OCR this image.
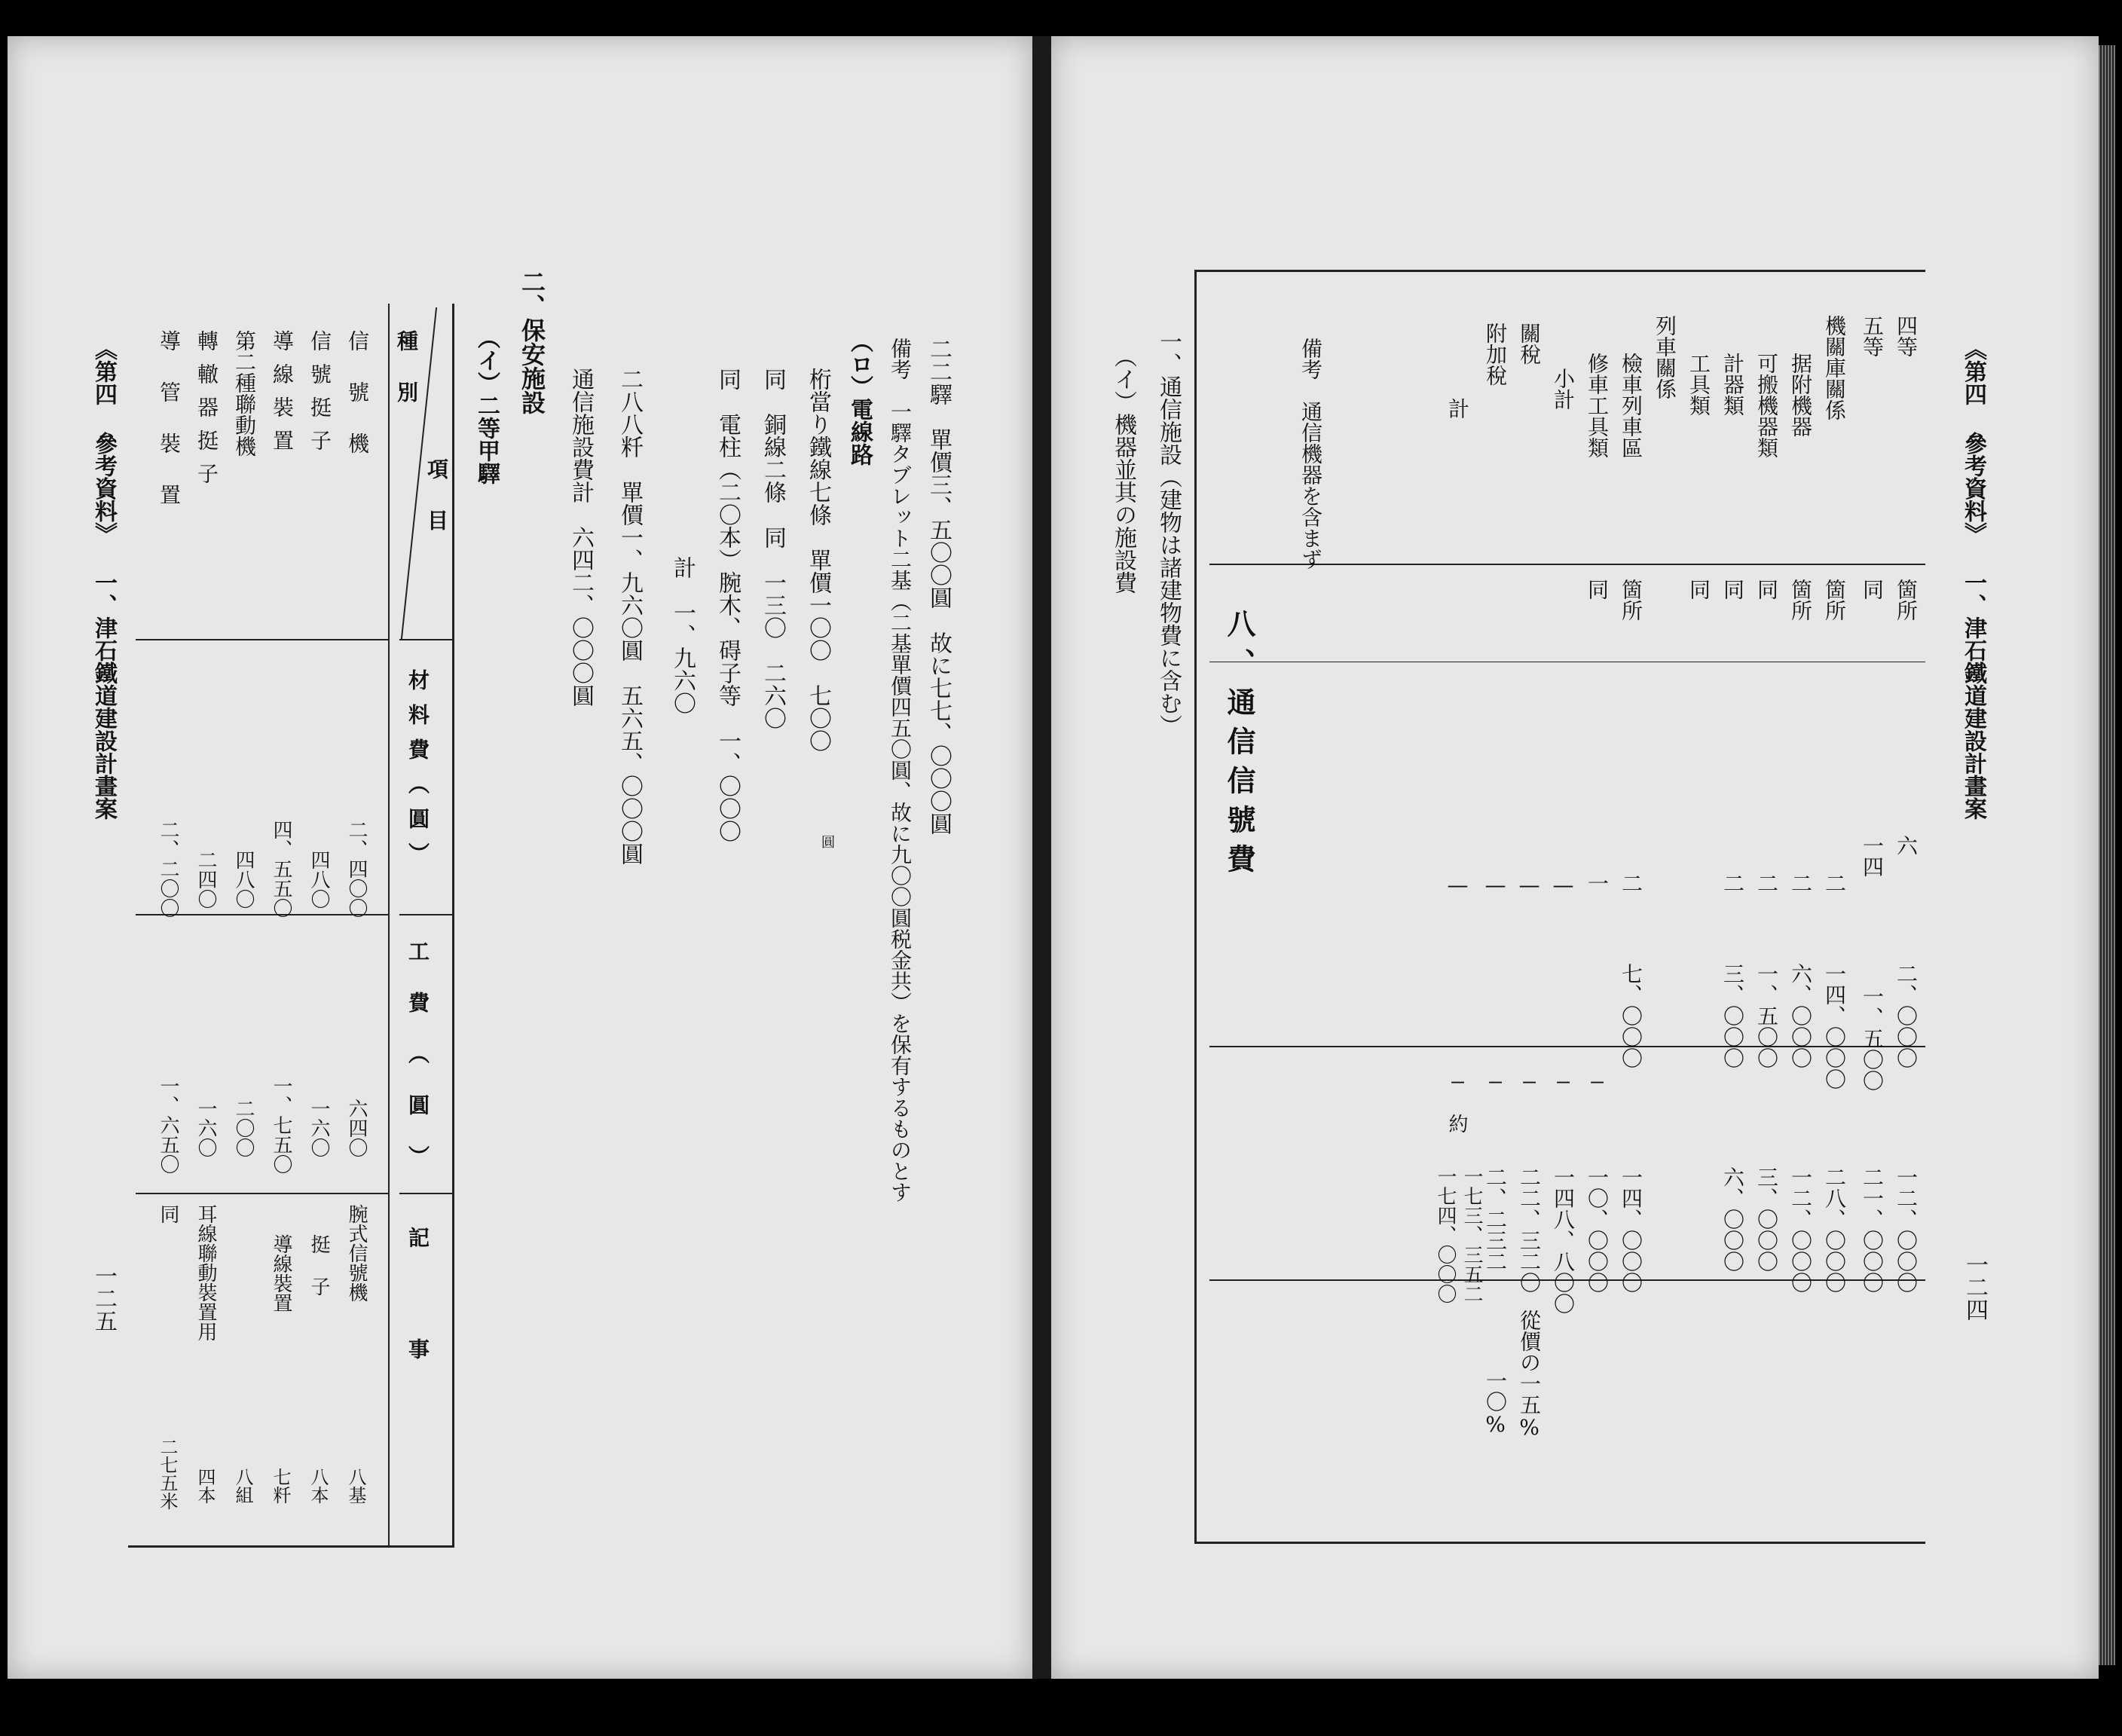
《第四 參考資料》 一、津石鐵道建設計畫案
一二四
四等
箇所
六
二、〇〇〇
一二、〇〇〇
五等
同
一四
一、五〇〇
二一、〇〇〇
機關庫關係
箇所
二
一四、〇〇〇
二八、〇〇〇
据附機器
箇所
二
六、〇〇〇
一二、〇〇〇
可搬機器類
同
二
一、五〇〇
三、〇〇〇
計器類
同
二
三、〇〇〇
六、〇〇〇
工具類
同
列車關係
檢車列車區
箇所
二
七、〇〇〇
一四、〇〇〇
修車工具類
同
一
—
一〇、〇〇〇
小計
—
—
一四八、八〇〇
關稅
—
—
二二、三二〇
從價の一五%
附加稅
—
—
二、二三二
一〇%
計
—
—
約
一七三、三五二
一七四、〇〇〇
備考　通信機器を含まず
八、通信信號費
一、通信施設（建物は諸建物費に含む）
（イ）機器並其の施設費
二二驛　單價三、五〇〇圓　故に七七、〇〇〇圓
備考　一驛タブレット二基（二基單價四五〇圓、故に九〇〇圓税金共）を保有するものとす
（ロ）電線路
桁當り鐵線七條　單價一〇〇　七〇〇
圓
同　銅線二條　同　一三〇　二六〇
同　電柱（二〇本）腕木、碍子等　一、〇〇〇
計　一、九六〇
二八八粁　單價一、九六〇圓　五六五、〇〇〇圓
通信施設費計　六四二、〇〇〇圓
二、保安施設
（イ）二等甲驛
項目
種別
材料費（圓）
工費（圓）
記事
信號機
二、四〇〇
六四〇
腕式信號機
八基
信號挺子
四八〇
一六〇
挺子
八本
導線裝置
四、五五〇
一、七五〇
導線裝置
七粁
第二種聯動機
四八〇
二〇〇
八組
轉轍器挺子
二四〇
一六〇
耳線聯動裝置用
四本
導管裝置
二、二〇〇
一、六五〇
同
二七五米
《第四 參考資料》 一、津石鐵道建設計畫案
一二五
